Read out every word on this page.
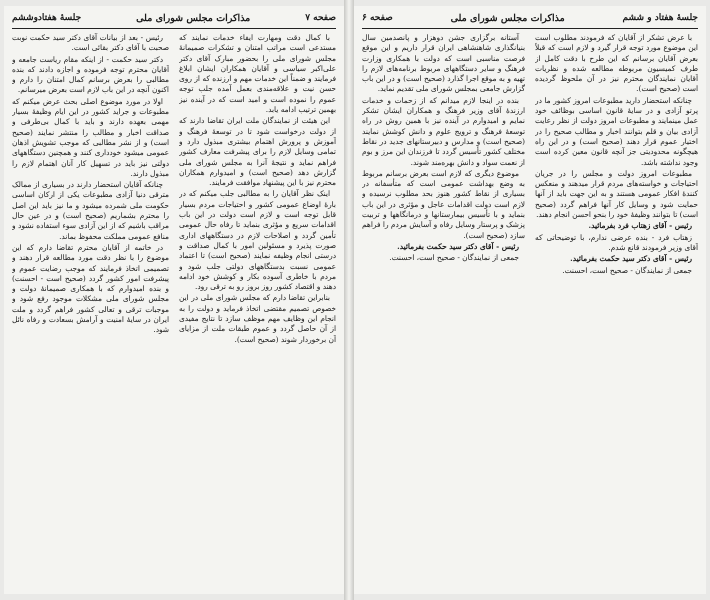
جلسهٔ هفتادوششم	مذاکرات مجلس شورای ملی	صفحه ۷

با کمال دقت ومهارت ایفاء خدمات نمایند که مستدعی است مراتب امتنان و تشکرات صمیمانهٔ مجلس شورای ملی را بحضور مبارک آقای دکتر علی‌اکبر سیاسی و آقایان همکاران ایشان ابلاغ فرمایند و ضمناً این خدمات مهم و ارزنده که از روی حسن نیت و علاقه‌مندی بعمل آمده جلب توجه عموم را نموده است و امید است که در آینده نیز بهمین ترتیب ادامه یابد.

این هیئت از نمایندگان ملت ایران تقاضا دارند که از دولت درخواست شود تا در توسعهٔ فرهنگ و آموزش و پرورش اهتمام بیشتری مبذول دارد و تمامی وسایل لازم را برای پیشرفت معارف کشور فراهم نماید و نتیجهٔ آنرا به مجلس شورای ملی گزارش دهد (صحیح است) و امیدوارم همکاران محترم نیز با این پیشنهاد موافقت فرمایند.

اینک نظر آقایان را به مطالبی جلب میکنم که در بارهٔ اوضاع عمومی کشور و احتیاجات مردم بسیار قابل توجه است و لازم است دولت در این باب اقدامات سریع و مؤثری بنماید تا رفاه حال عمومی تأمین گردد و اصلاحات لازم در دستگاههای اداری صورت پذیرد و مسئولین امور با کمال صداقت و درستی انجام وظیفه نمایند (صحیح است) تا اعتماد عمومی نسبت بدستگاههای دولتی جلب شود و مردم با خاطری آسوده بکار و کوشش خود ادامه دهند و اقتصاد کشور روز بروز رو به ترقی رود.

بنابراین تقاضا دارم که مجلس شورای ملی در این خصوص تصمیم مقتضی اتخاذ فرماید و دولت را به انجام این وظایف مهم موظف سازد تا نتایج مفیدی از آن حاصل گردد و عموم طبقات ملت از مزایای آن برخوردار شوند (صحیح است).

رئیس - بعد از بیانات آقای دکتر سید حکمت نوبت صحبت با آقای دکتر بقائی است.

دکتر سید حکمت - از اینکه مقام ریاست جامعه و آقایان محترم توجه فرموده و اجازه دادند که بنده مطالبی را بعرض برسانم کمال امتنان را دارم و اکنون آنچه در این باب لازم است بعرض میرسانم.

اولا در مورد موضوع اصلی بحث عرض میکنم که مطبوعات و جراید کشور در این ایام وظیفهٔ بسیار مهمی بعهده دارند و باید با کمال بی‌طرفی و صداقت اخبار و مطالب را منتشر نمایند (صحیح است) و از نشر مطالبی که موجب تشویش اذهان عمومی میشود خودداری کنند و همچنین دستگاههای دولتی نیز باید در تسهیل کار آنان اهتمام لازم را مبذول دارند.

چنانکه آقایان استحضار دارند در بسیاری از ممالک مترقی دنیا آزادی مطبوعات یکی از ارکان اساسی حکومت ملی شمرده میشود و ما نیز باید این اصل را محترم بشماریم (صحیح است) و در عین حال مراقب باشیم که از این آزادی سوء استفاده نشود و منافع عمومی مملکت محفوظ بماند.

در خاتمه از آقایان محترم تقاضا دارم که این موضوع را با نظر دقت مورد مطالعه قرار دهند و تصمیمی اتخاذ فرمایند که موجب رضایت عموم و پیشرفت امور کشور گردد (صحیح است - احسنت) و بنده امیدوارم که با همکاری صمیمانهٔ دولت و مجلس شورای ملی مشکلات موجود رفع شود و موجبات ترقی و تعالی کشور فراهم گردد و ملت ایران در سایهٔ امنیت و آرامش بسعادت و رفاه نائل شود.

صفحه ۶	مذاکرات مجلس شورای ملی	جلسهٔ هفتاد و ششم

با عرض تشکر از آقایان که فرمودند مطلوب است این موضوع مورد توجه قرار گیرد و لازم است که قبلاً بعرض آقایان برسانم که این طرح با دقت کامل از طرف کمیسیون مربوطه مطالعه شده و نظریات آقایان نمایندگان محترم نیز در آن ملحوظ گردیده است (صحیح است).

چنانکه استحضار دارید مطبوعات امروز کشور ما در پرتو آزادی و در سایهٔ قانون اساسی بوظائف خود عمل مینمایند و مطبوعات امروز دولت از نظر رعایت آزادی بیان و قلم بتوانند اخبار و مطالب صحیح را در اختیار عموم قرار دهند (صحیح است) و در این راه هیچگونه محدودیتی جز آنچه قانون معین کرده است وجود نداشته باشد.

مطبوعات امروز دولت و مجلس را در جریان احتیاجات و خواسته‌های مردم قرار میدهند و منعکس کنندهٔ افکار عمومی هستند و به این جهت باید از آنها حمایت شود و وسایل کار آنها فراهم گردد (صحیح است) تا بتوانند وظیفهٔ خود را بنحو احسن انجام دهند.

رئیس - آقای زهتاب فرد بفرمائید.

زهتاب فرد - بنده عرضی ندارم، با توضیحاتی که آقای وزیر فرمودند قانع شدم.

رئیس - آقای دکتر سید حکمت بفرمائید.

جمعی از نمایندگان - صحیح است، احسنت.

آستانه برگزاری جشن دوهزار و پانصدمین سال بنیانگذاری شاهنشاهی ایران قرار داریم و این موقع فرصت مناسبی است که دولت با همکاری وزارت فرهنگ و سایر دستگاههای مربوط برنامه‌های لازم را تهیه و به موقع اجرا گذارد (صحیح است) و در این باب گزارش جامعی بمجلس شورای ملی تقدیم نماید.

بنده در اینجا لازم میدانم که از زحمات و خدمات ارزندهٔ آقای وزیر فرهنگ و همکاران ایشان تشکر نمایم و امیدوارم در آینده نیز با همین روش در راه توسعهٔ فرهنگ و ترویج علوم و دانش کوشش نمایند (صحیح است) و مدارس و دبیرستانهای جدید در نقاط مختلف کشور تأسیس گردد تا فرزندان این مرز و بوم از نعمت سواد و دانش بهره‌مند شوند.

موضوع دیگری که لازم است بعرض برسانم مربوط به وضع بهداشت عمومی است که متأسفانه در بسیاری از نقاط کشور هنوز بحد مطلوب نرسیده و لازم است دولت اقدامات عاجل و مؤثری در این باب بنماید و با تأسیس بیمارستانها و درمانگاهها و تربیت پزشک و پرستار وسایل رفاه و آسایش مردم را فراهم سازد (صحیح است).

رئیس - آقای دکتر سید حکمت بفرمائید.

جمعی از نمایندگان - صحیح است، احسنت.
